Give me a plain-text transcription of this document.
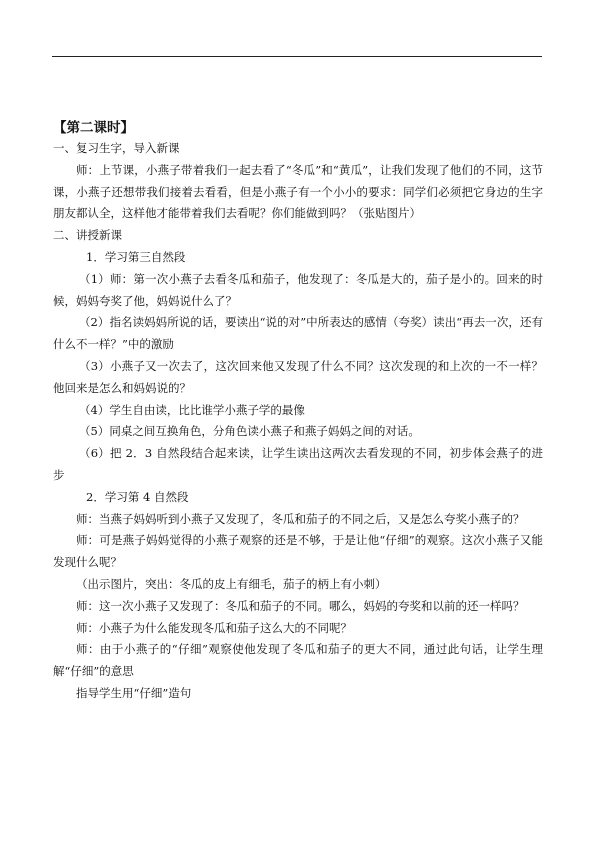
【第二课时】

一、复习生字，导入新课

师：上节课，小燕子带着我们一起去看了“冬瓜”和“黄瓜”，让我们发现了他们的不同，这节课，小燕子还想带我们接着去看看，但是小燕子有一个小小的要求：同学们必须把它身边的生字朋友都认全，这样他才能带着我们去看呢？你们能做到吗？（张贴图片）

二、讲授新课

1．学习第三自然段

（1）师：第一次小燕子去看冬瓜和茄子，他发现了：冬瓜是大的，茄子是小的。回来的时候，妈妈夸奖了他，妈妈说什么了？

（2）指名读妈妈所说的话，要读出“说的对”中所表达的感情（夸奖）读出“再去一次，还有什么不一样？”中的激励

（3）小燕子又一次去了，这次回来他又发现了什么不同？这次发现的和上次的一不一样？他回来是怎么和妈妈说的？

（4）学生自由读，比比谁学小燕子学的最像

（5）同桌之间互换角色，分角色读小燕子和燕子妈妈之间的对话。

（6）把 2．3 自然段结合起来读，让学生读出这两次去看发现的不同，初步体会燕子的进步

2．学习第 4 自然段

师：当燕子妈妈听到小燕子又发现了，冬瓜和茄子的不同之后，又是怎么夸奖小燕子的？

师：可是燕子妈妈觉得的小燕子观察的还是不够，于是让他“仔细”的观察。这次小燕子又能发现什么呢？

（出示图片，突出：冬瓜的皮上有细毛，茄子的柄上有小刺）

师：这一次小燕子又发现了：冬瓜和茄子的不同。哪么，妈妈的夸奖和以前的还一样吗？

师：小燕子为什么能发现冬瓜和茄子这么大的不同呢？

师：由于小燕子的“仔细”观察使他发现了冬瓜和茄子的更大不同，通过此句话，让学生理解“仔细”的意思

指导学生用“仔细”造句
